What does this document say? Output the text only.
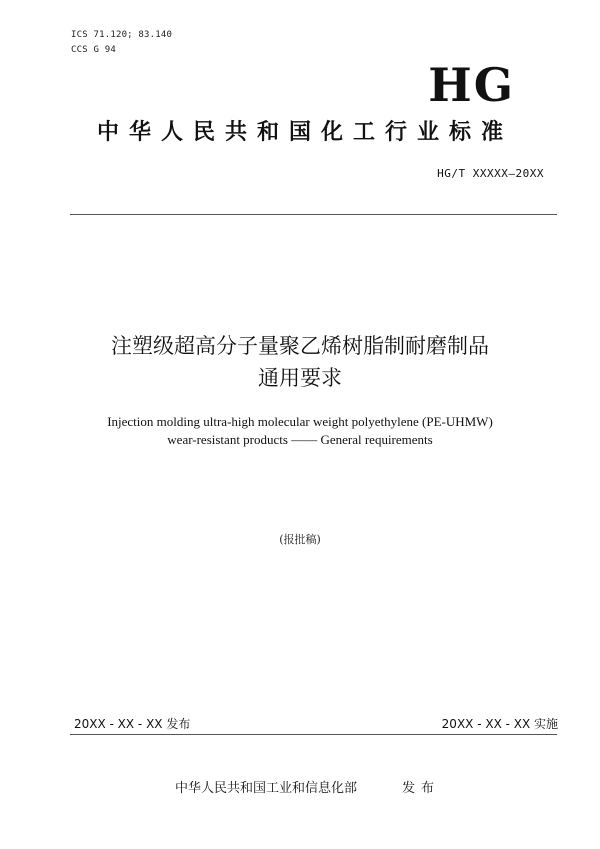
ICS 71.120; 83.140
CCS G 94
HG
中华人民共和国化工行业标准
HG/T XXXXX—20XX
注塑级超高分子量聚乙烯树脂制耐磨制品
通用要求
Injection molding ultra-high molecular weight polyethylene (PE-UHMW)
wear-resistant products —— General requirements
(报批稿)
20XX - XX - XX 发布	20XX - XX - XX 实施
中华人民共和国工业和信息化部	发布
